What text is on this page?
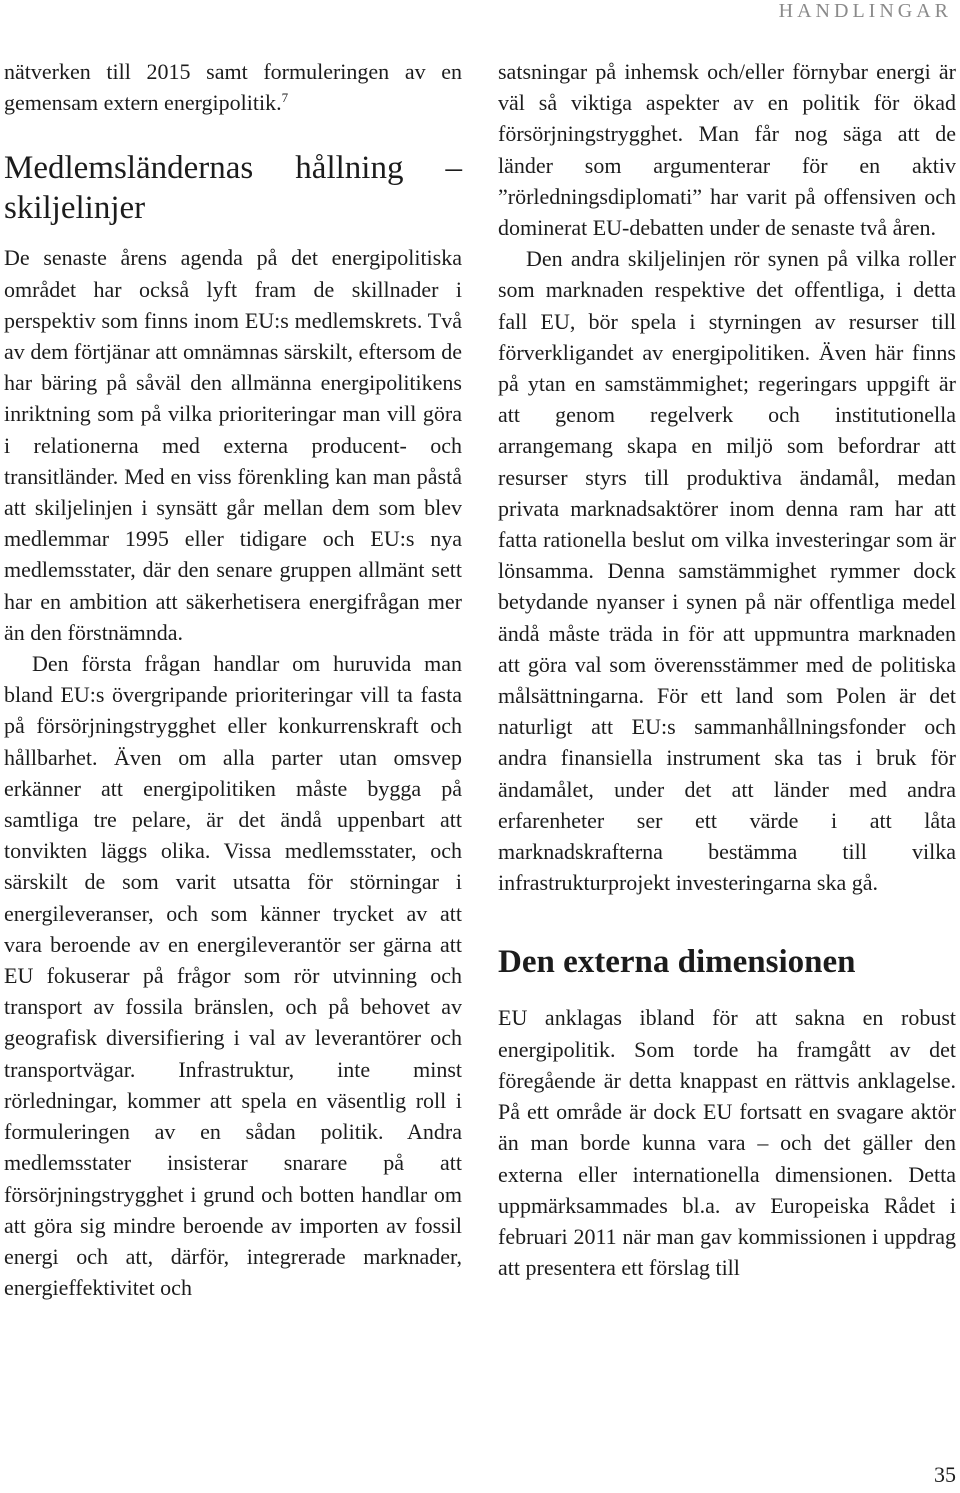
HANDLINGAR

nätverken till 2015 samt formuleringen av en gemensam extern energipolitik.$^7$

Medlemsländernas hållning – skiljelinjer

De senaste årens agenda på det energipolitiska området har också lyft fram de skillnader i perspektiv som finns inom EU:s medlemskrets. Två av dem förtjänar att omnämnas särskilt, eftersom de har bäring på såväl den allmänna energipolitikens inriktning som på vilka prioriteringar man vill göra i relationerna med externa producent- och transitländer. Med en viss förenkling kan man påstå att skiljelinjen i synsätt går mellan dem som blev medlemmar 1995 eller tidigare och EU:s nya medlemsstater, där den senare gruppen allmänt sett har en ambition att säkerhetisera energifrågan mer än den förstnämnda.

Den första frågan handlar om huruvida man bland EU:s övergripande prioriteringar vill ta fasta på försörjningstrygghet eller konkurrenskraft och hållbarhet. Även om alla parter utan omsvep erkänner att energipolitiken måste bygga på samtliga tre pelare, är det ändå uppenbart att tonvikten läggs olika. Vissa medlemsstater, och särskilt de som varit utsatta för störningar i energileveranser, och som känner trycket av att vara beroende av en energileverantör ser gärna att EU fokuserar på frågor som rör utvinning och transport av fossila bränslen, och på behovet av geografisk diversifiering i val av leverantörer och transportvägar. Infrastruktur, inte minst rörledningar, kommer att spela en väsentlig roll i formuleringen av en sådan politik. Andra medlemsstater insisterar snarare på att försörjningstrygghet i grund och botten handlar om att göra sig mindre beroende av importen av fossil energi och att, därför, integrerade marknader, energieffektivitet och

satsningar på inhemsk och/eller förnybar energi är väl så viktiga aspekter av en politik för ökad försörjningstrygghet. Man får nog säga att de länder som argumenterar för en aktiv ”rörledningsdiplomati” har varit på offensiven och dominerat EU-debatten under de senaste två åren.

Den andra skiljelinjen rör synen på vilka roller som marknaden respektive det offentliga, i detta fall EU, bör spela i styrningen av resurser till förverkligandet av energipolitiken. Även här finns på ytan en samstämmighet; regeringars uppgift är att genom regelverk och institutionella arrangemang skapa en miljö som befordrar att resurser styrs till produktiva ändamål, medan privata marknadsaktörer inom denna ram har att fatta rationella beslut om vilka investeringar som är lönsamma. Denna samstämmighet rymmer dock betydande nyanser i synen på när offentliga medel ändå måste träda in för att uppmuntra marknaden att göra val som överensstämmer med de politiska målsättningarna. För ett land som Polen är det naturligt att EU:s sammanhållningsfonder och andra finansiella instrument ska tas i bruk för ändamålet, under det att länder med andra erfarenheter ser ett värde i att låta marknadskrafterna bestämma till vilka infrastrukturprojekt investeringarna ska gå.

Den externa dimensionen

EU anklagas ibland för att sakna en robust energipolitik. Som torde ha framgått av det föregående är detta knappast en rättvis anklagelse. På ett område är dock EU fortsatt en svagare aktör än man borde kunna vara – och det gäller den externa eller internationella dimensionen. Detta uppmärksammades bl.a. av Europeiska Rådet i februari 2011 när man gav kommissionen i uppdrag att presentera ett förslag till

35
